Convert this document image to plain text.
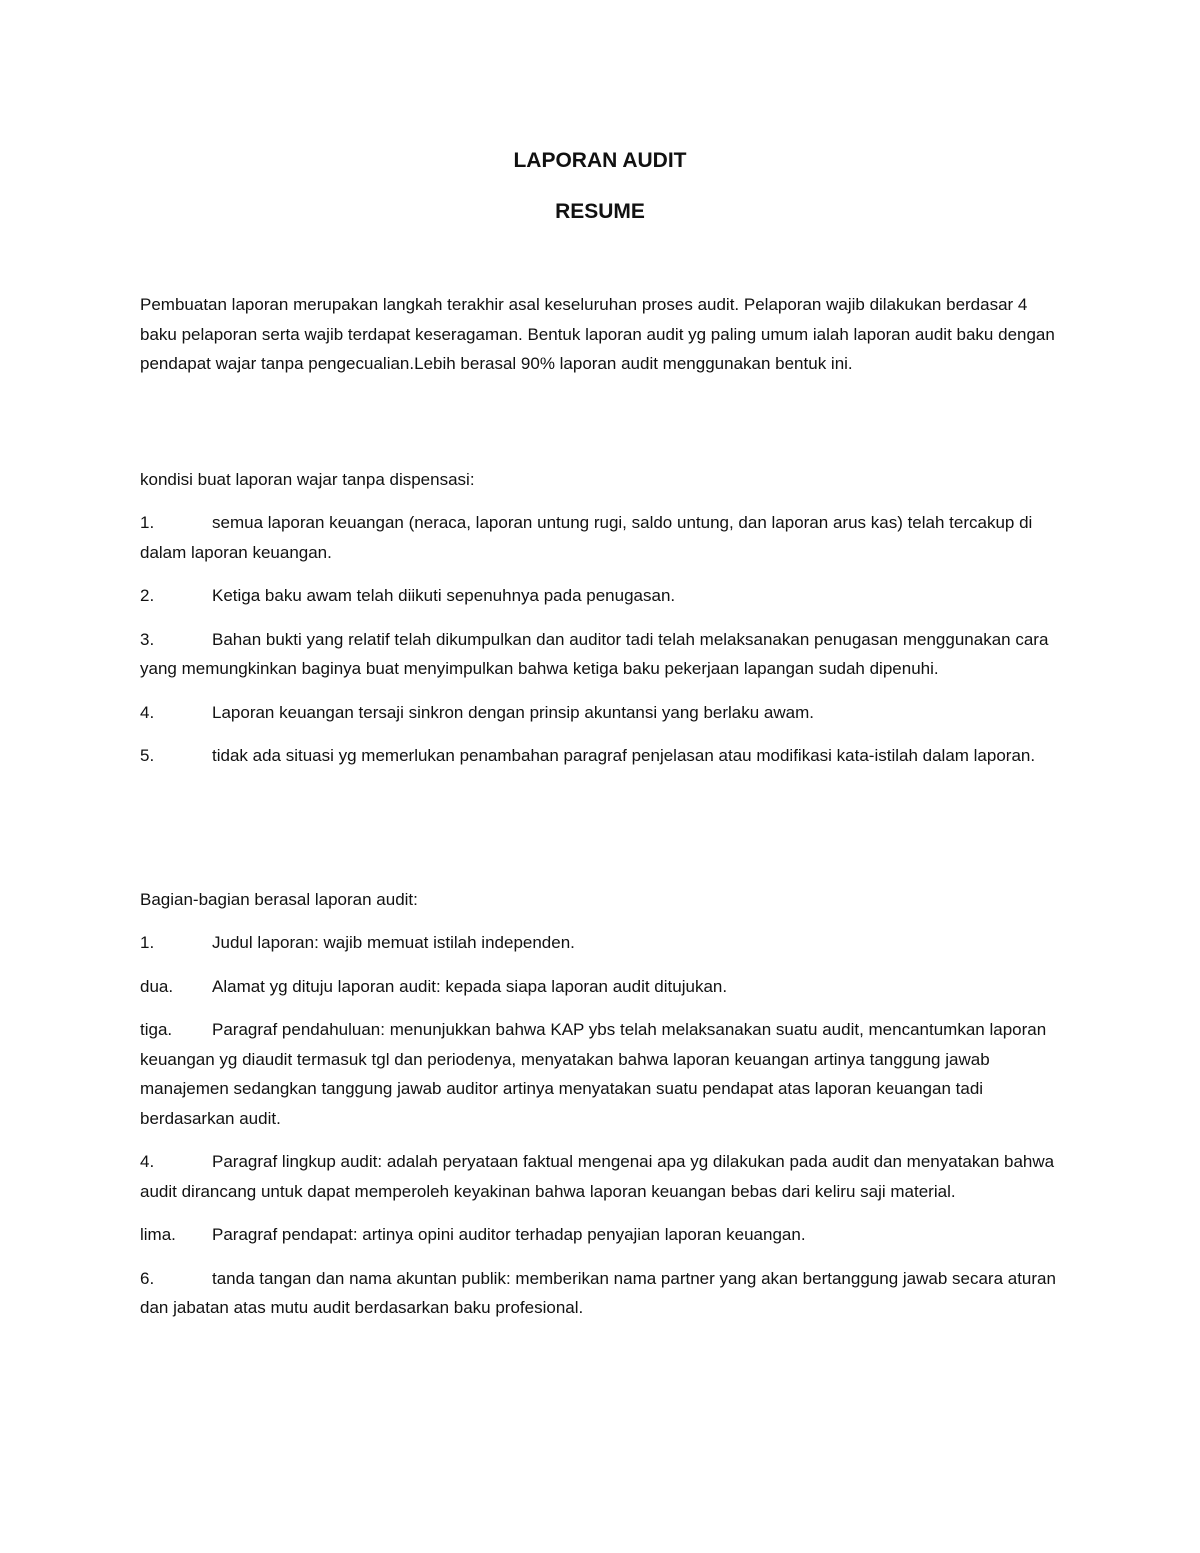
LAPORAN AUDIT
RESUME

Pembuatan laporan merupakan langkah terakhir asal keseluruhan proses audit. Pelaporan wajib dilakukan berdasar 4 baku pelaporan serta wajib terdapat keseragaman. Bentuk laporan audit yg paling umum ialah laporan audit baku dengan pendapat wajar tanpa pengecualian.Lebih berasal 90% laporan audit menggunakan bentuk ini.

kondisi buat laporan wajar tanpa dispensasi:

1.	semua laporan keuangan (neraca, laporan untung rugi, saldo untung, dan laporan arus kas) telah tercakup di dalam laporan keuangan.
2.	Ketiga baku awam telah diikuti sepenuhnya pada penugasan.
3.	Bahan bukti yang relatif telah dikumpulkan dan auditor tadi telah melaksanakan penugasan menggunakan cara yang memungkinkan baginya buat menyimpulkan bahwa ketiga baku pekerjaan lapangan sudah dipenuhi.
4.	Laporan keuangan tersaji sinkron dengan prinsip akuntansi yang berlaku awam.
5.	tidak ada situasi yg memerlukan penambahan paragraf penjelasan atau modifikasi kata-istilah dalam laporan.

Bagian-bagian berasal laporan audit:

1.	Judul laporan: wajib memuat istilah independen.
dua. Alamat yg dituju laporan audit: kepada siapa laporan audit ditujukan.
tiga. Paragraf pendahuluan: menunjukkan bahwa KAP ybs telah melaksanakan suatu audit, mencantumkan laporan keuangan yg diaudit termasuk tgl dan periodenya, menyatakan bahwa laporan keuangan artinya tanggung jawab manajemen sedangkan tanggung jawab auditor artinya menyatakan suatu pendapat atas laporan keuangan tadi berdasarkan audit.
4.	Paragraf lingkup audit: adalah peryataan faktual mengenai apa yg dilakukan pada audit dan menyatakan bahwa audit dirancang untuk dapat memperoleh keyakinan bahwa laporan keuangan bebas dari keliru saji material.
lima. Paragraf pendapat: artinya opini auditor terhadap penyajian laporan keuangan.
6.	tanda tangan dan nama akuntan publik: memberikan nama partner yang akan bertanggung jawab secara aturan dan jabatan atas mutu audit berdasarkan baku profesional.
